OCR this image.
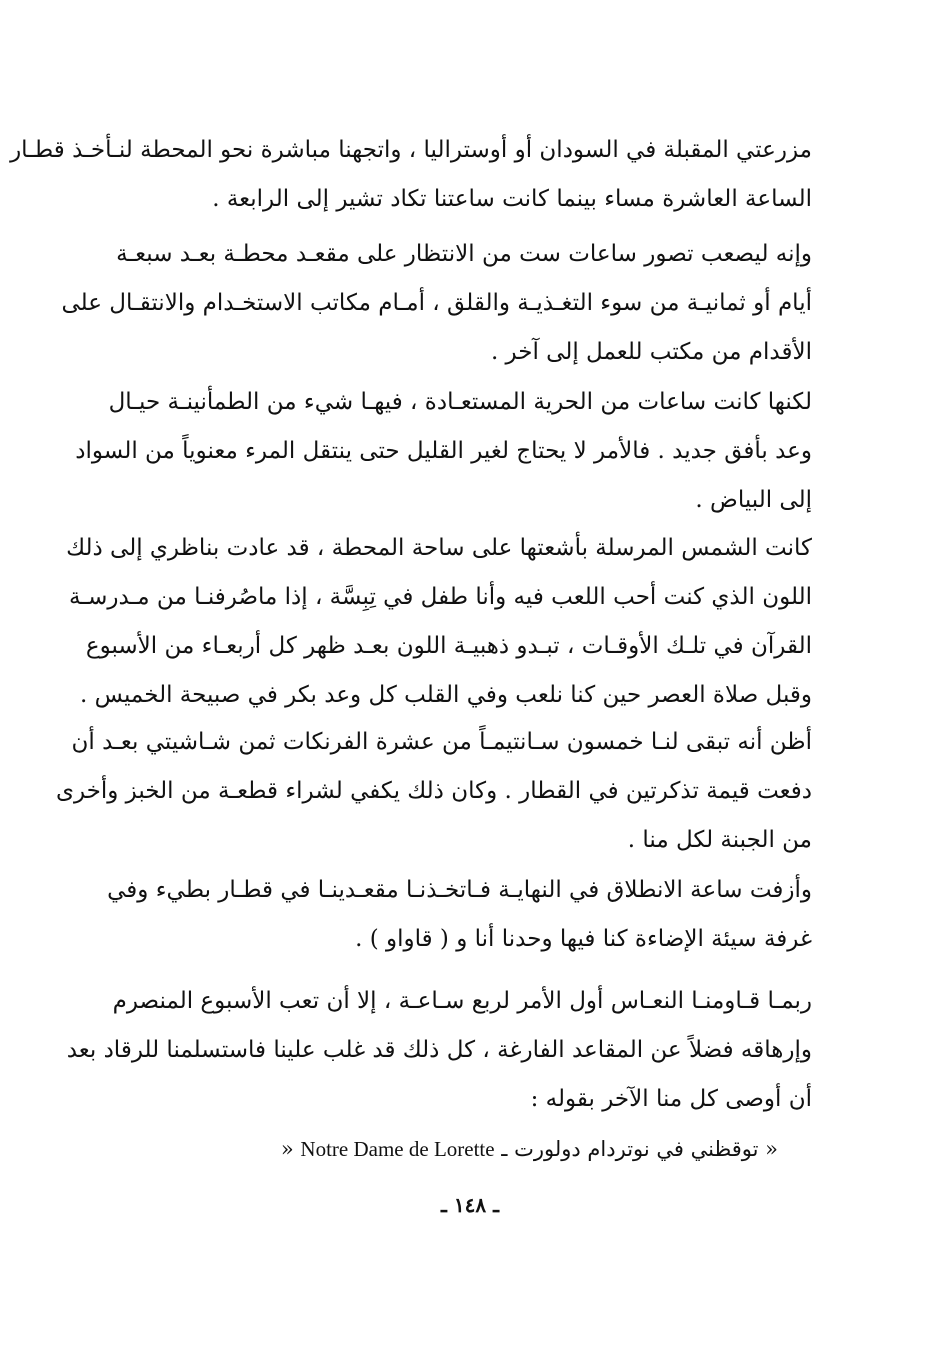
مزرعتي المقبلة في السودان أو أوستراليا ، واتجهنا مباشرة نحو المحطة لنـأخـذ قطـار
الساعة العاشرة مساء بينما كانت ساعتنا تكاد تشير إلى الرابعة .
وإنه ليصعب تصور ساعات ست من الانتظار على مقعـد محطـة بعـد سبعـة
أيام أو ثمانيـة من سوء التغـذيـة والقلق ، أمـام مكاتب الاستخـدام والانتقـال على
الأقدام من مكتب للعمل إلى آخر .
لكنها كانت ساعات من الحرية المستعـادة ، فيهـا شيء من الطمأنينـة حيـال
وعد بأفق جديد . فالأمر لا يحتاج لغير القليل حتى ينتقل المرء معنوياً من السواد
إلى البياض .
كانت الشمس المرسلة بأشعتها على ساحة المحطة ، قد عادت بناظري إلى ذلك
اللون الذي كنت أحب اللعب فيه وأنا طفل في تِبِسَّة ، إذا ماصُرفنـا من مـدرسـة
القرآن في تلـك الأوقـات ، تبـدو ذهبيـة اللون بعـد ظهر كل أربعـاء من الأسبوع
وقبل صلاة العصر حين كنا نلعب وفي القلب كل وعد بكر في صبيحة الخميس .
أظن أنه تبقى لنـا خمسون سـانتيمـاً من عشرة الفرنكات ثمن شـاشيتي بعـد أن
دفعت قيمة تذكرتين في القطار . وكان ذلك يكفي لشراء قطعـة من الخبز وأخرى
من الجبنة لكل منا .
وأزفت ساعة الانطلاق في النهايـة فـاتخـذنـا مقعـدينـا في قطـار بطيء وفي
غرفة سيئة الإضاءة كنا فيها وحدنا أنا و ( قاواو ) .
ربمـا قـاومنـا النعـاس أول الأمر لربع سـاعـة ، إلا أن تعب الأسبوع المنصرم
وإرهاقه فضلاً عن المقاعد الفارغة ، كل ذلك قد غلب علينا فاستسلمنا للرقاد بعد
أن أوصى كل منا الآخر بقوله :
« توقظني في نوتردام دولورت ـ Notre Dame de Lorette «
ـ ١٤٨ ـ
